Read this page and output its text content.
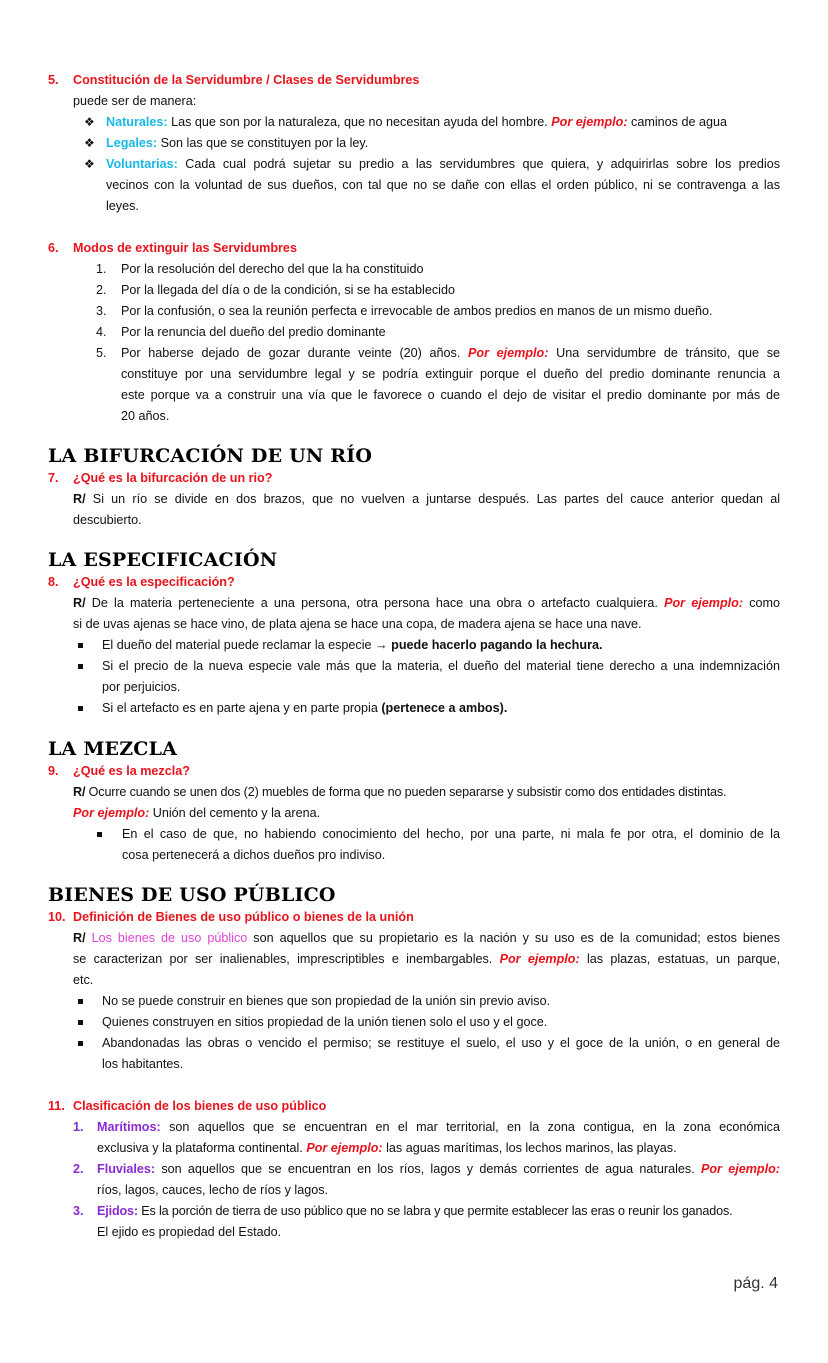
5. Constitución de la Servidumbre / Clases de Servidumbres
puede ser de manera:
❖ Naturales: Las que son por la naturaleza, que no necesitan ayuda del hombre. Por ejemplo: caminos de agua
❖ Legales: Son las que se constituyen por la ley.
❖ Voluntarias: Cada cual podrá sujetar su predio a las servidumbres que quiera, y adquirirlas sobre los predios
vecinos con la voluntad de sus dueños, con tal que no se dañe con ellas el orden público, ni se contravenga a las
leyes.
6. Modos de extinguir las Servidumbres
1. Por la resolución del derecho del que la ha constituido
2. Por la llegada del día o de la condición, si se ha establecido
3. Por la confusión, o sea la reunión perfecta e irrevocable de ambos predios en manos de un mismo dueño.
4. Por la renuncia del dueño del predio dominante
5. Por haberse dejado de gozar durante veinte (20) años. Por ejemplo: Una servidumbre de tránsito, que se
constituye por una servidumbre legal y se podría extinguir porque el dueño del predio dominante renuncia a
este porque va a construir una vía que le favorece o cuando el dejo de visitar el predio dominante por más de
20 años.
LA BIFURCACIÓN DE UN RÍO
7. ¿Qué es la bifurcación de un rio?
R/ Si un río se divide en dos brazos, que no vuelven a juntarse después. Las partes del cauce anterior quedan al
descubierto.
LA ESPECIFICACIÓN
8. ¿Qué es la especificación?
R/ De la materia perteneciente a una persona, otra persona hace una obra o artefacto cualquiera. Por ejemplo: como
si de uvas ajenas se hace vino, de plata ajena se hace una copa, de madera ajena se hace una nave.
El dueño del material puede reclamar la especie → puede hacerlo pagando la hechura.
Si el precio de la nueva especie vale más que la materia, el dueño del material tiene derecho a una indemnización
por perjuicios.
Si el artefacto es en parte ajena y en parte propia (pertenece a ambos).
LA MEZCLA
9. ¿Qué es la mezcla?
R/ Ocurre cuando se unen dos (2) muebles de forma que no pueden separarse y subsistir como dos entidades distintas.
Por ejemplo: Unión del cemento y la arena.
En el caso de que, no habiendo conocimiento del hecho, por una parte, ni mala fe por otra, el dominio de la
cosa pertenecerá a dichos dueños pro indiviso.
BIENES DE USO PÚBLICO
10. Definición de Bienes de uso público o bienes de la unión
R/ Los bienes de uso público son aquellos que su propietario es la nación y su uso es de la comunidad; estos bienes
se caracterizan por ser inalienables, imprescriptibles e inembargables. Por ejemplo: las plazas, estatuas, un parque,
etc.
No se puede construir en bienes que son propiedad de la unión sin previo aviso.
Quienes construyen en sitios propiedad de la unión tienen solo el uso y el goce.
Abandonadas las obras o vencido el permiso; se restituye el suelo, el uso y el goce de la unión, o en general de
los habitantes.
11. Clasificación de los bienes de uso público
1. Marítimos: son aquellos que se encuentran en el mar territorial, en la zona contigua, en la zona económica
exclusiva y la plataforma continental. Por ejemplo: las aguas marítimas, los lechos marinos, las playas.
2. Fluviales: son aquellos que se encuentran en los ríos, lagos y demás corrientes de agua naturales. Por ejemplo:
ríos, lagos, cauces, lecho de ríos y lagos.
3. Ejidos: Es la porción de tierra de uso público que no se labra y que permite establecer las eras o reunir los ganados.
El ejido es propiedad del Estado.
pág. 4
